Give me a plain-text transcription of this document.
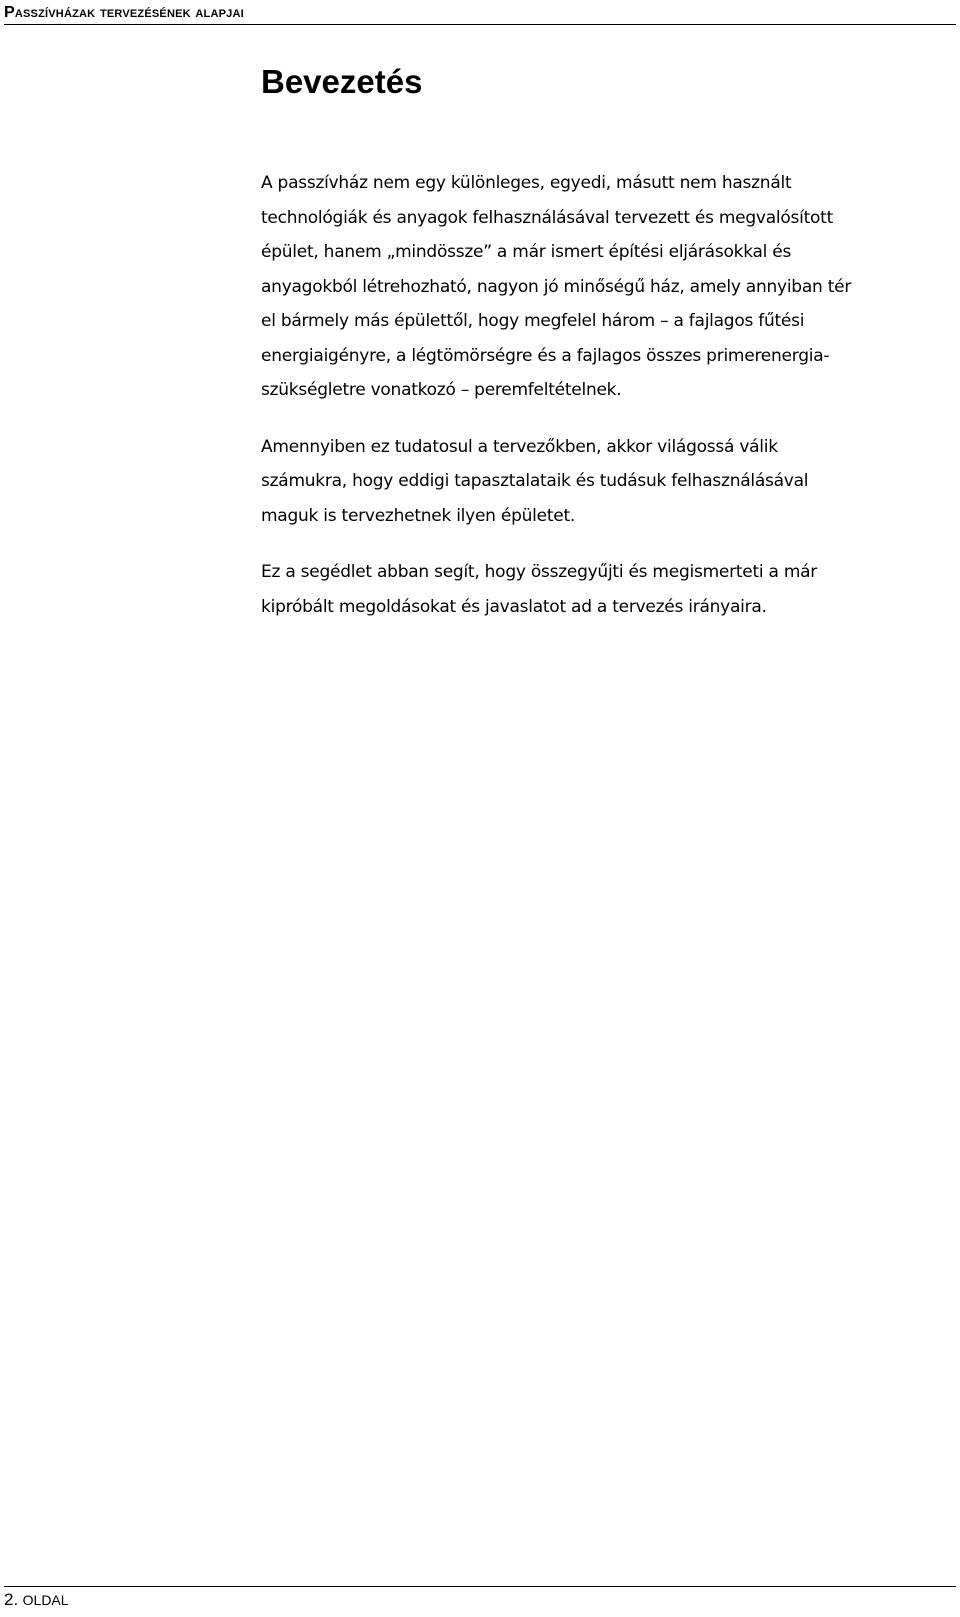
Passzívházak tervezésének alapjai
Bevezetés

A passzívház nem egy különleges, egyedi, másutt nem használt
technológiák és anyagok felhasználásával tervezett és megvalósított
épület, hanem „mindössze” a már ismert építési eljárásokkal és
anyagokból létrehozható, nagyon jó minőségű ház, amely annyiban tér
el bármely más épülettől, hogy megfelel három – a fajlagos fűtési
energiaigényre, a légtömörségre és a fajlagos összes primerenergia-
szükségletre vonatkozó – peremfeltételnek.

Amennyiben ez tudatosul a tervezőkben, akkor világossá válik
számukra, hogy eddigi tapasztalataik és tudásuk felhasználásával
maguk is tervezhetnek ilyen épületet.

Ez a segédlet abban segít, hogy összegyűjti és megismerteti a már
kipróbált megoldásokat és javaslatot ad a tervezés irányaira.

2. OLDAL
